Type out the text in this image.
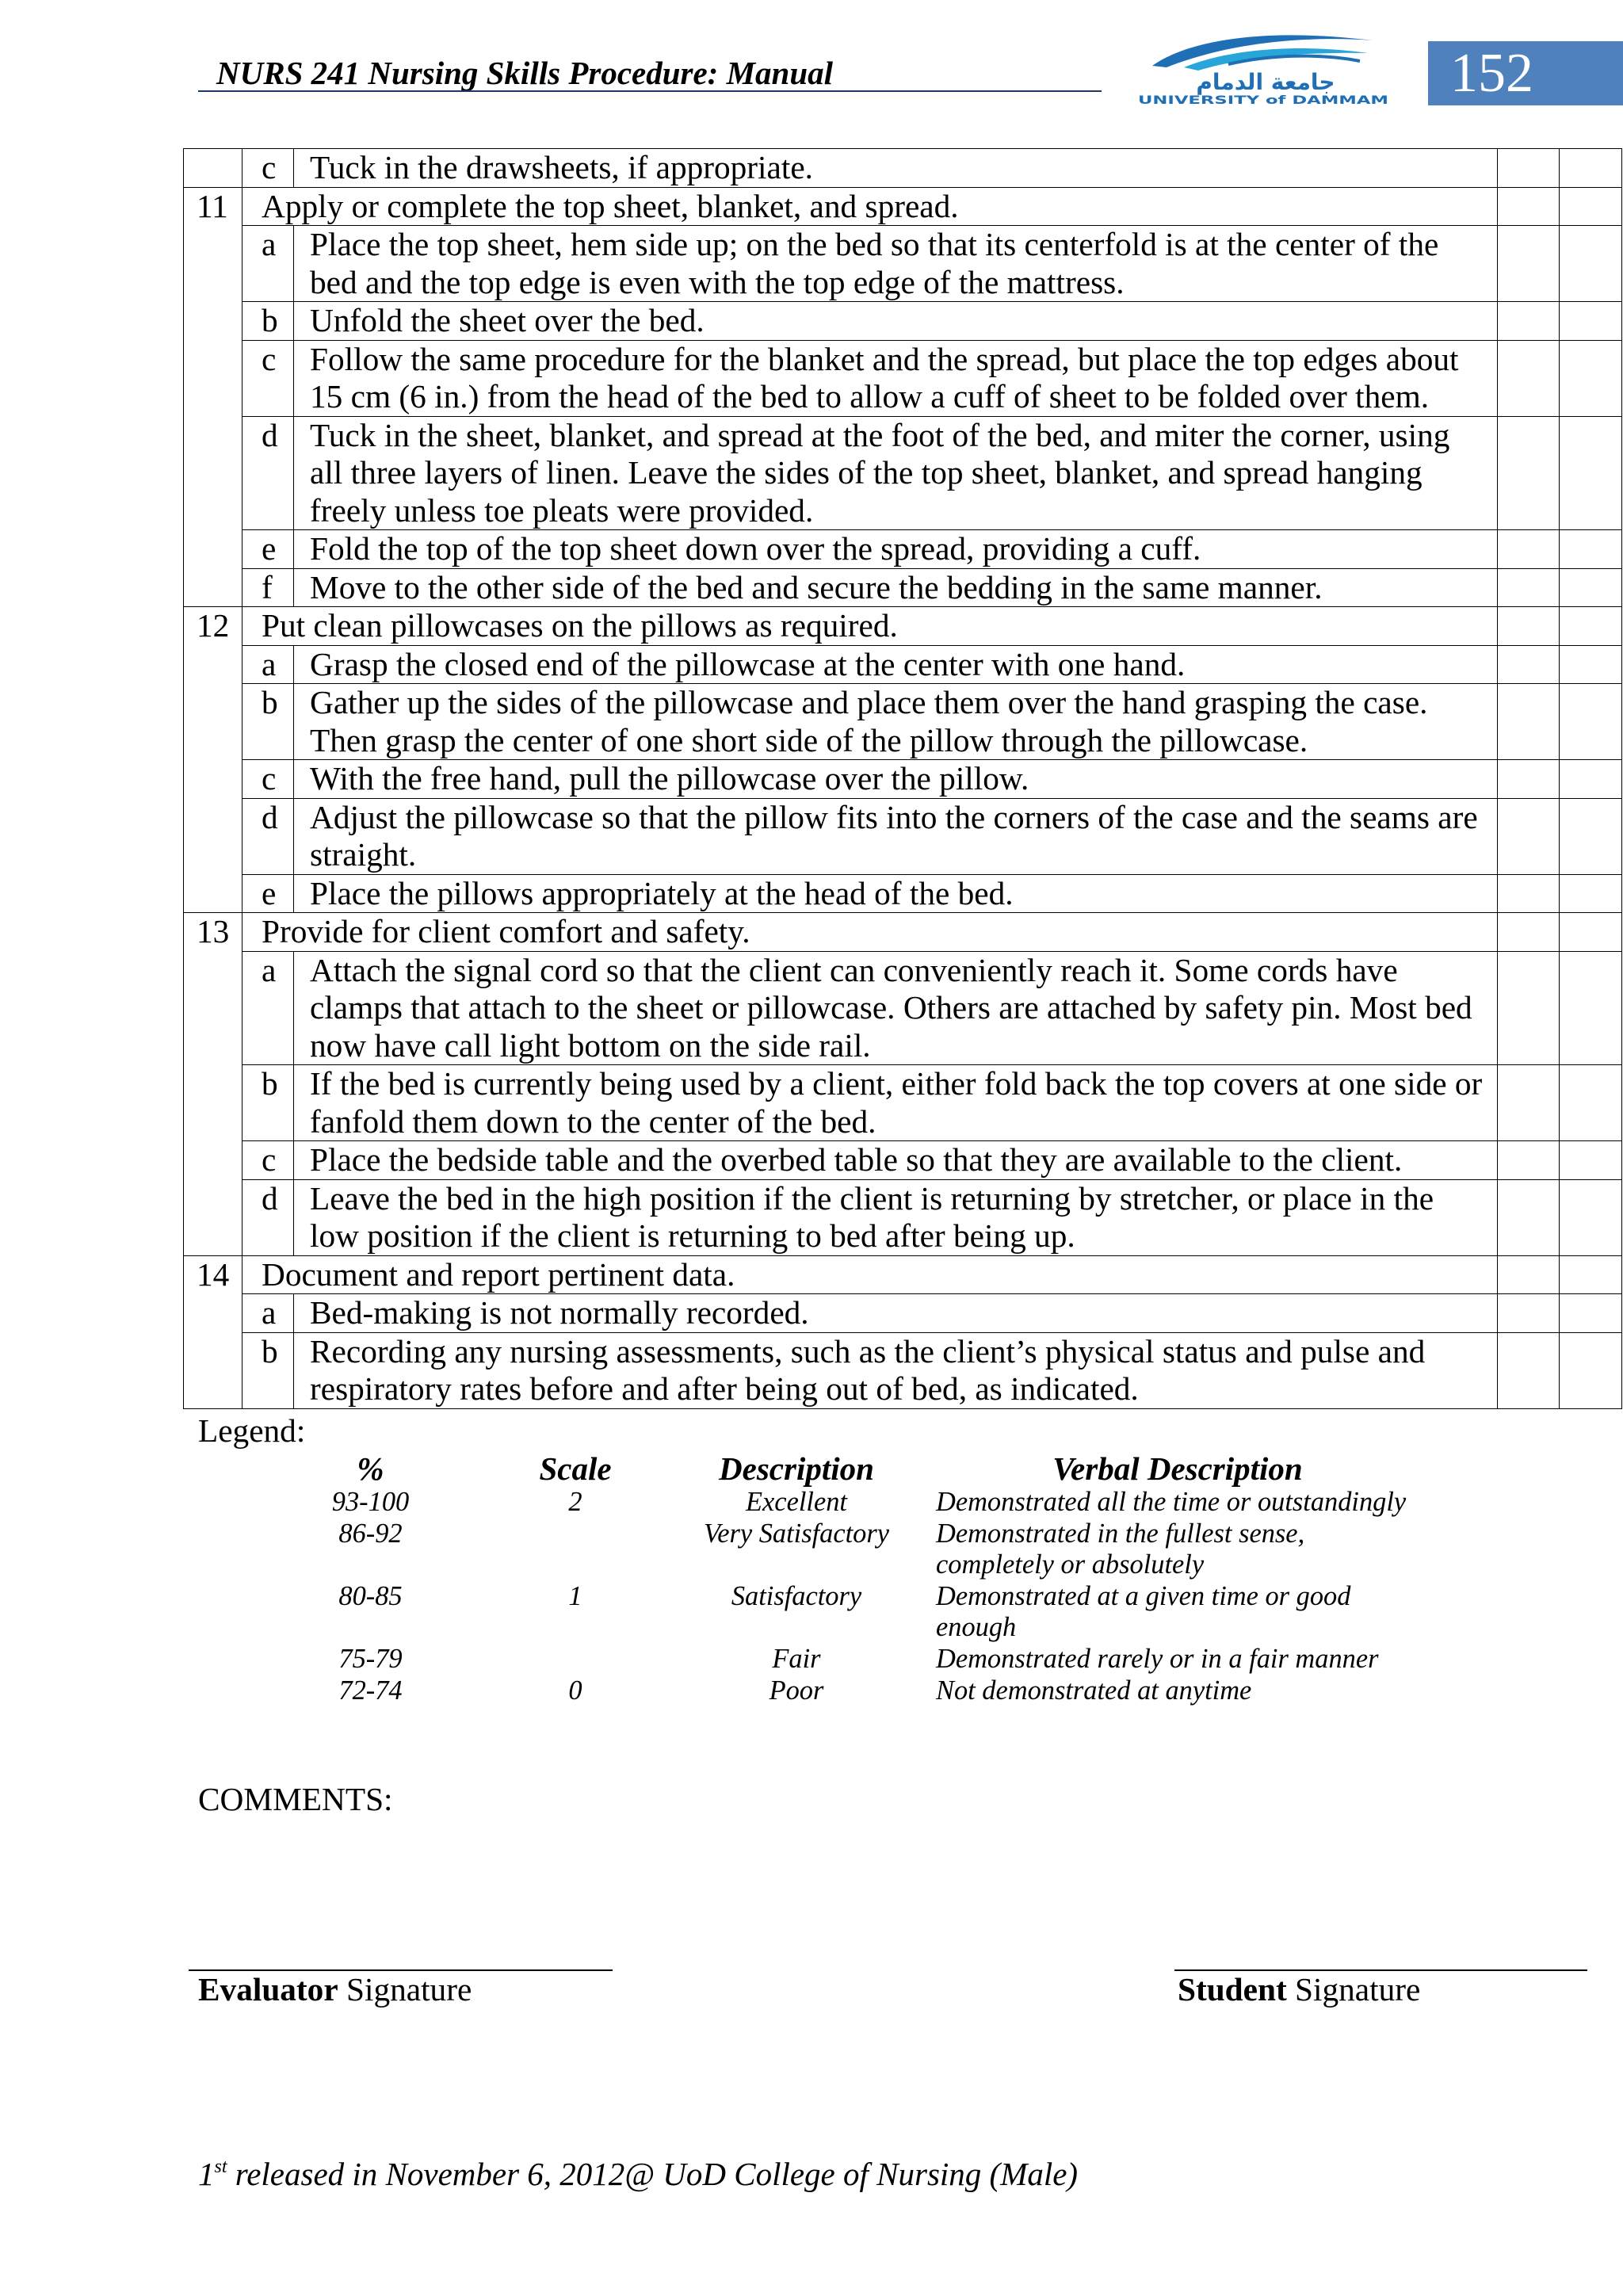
NURS 241 Nursing Skills Procedure: Manual	جامعة الدمام
UNIVERSITY of DAMMAM 152
	c	Tuck in the drawsheets, if appropriate.		
11	Apply or complete the top sheet, blanket, and spread.			
	a	Place the top sheet, hem side up; on the bed so that its centerfold is at the center of the bed and the top edge is even with the top edge of the mattress.		
	b	Unfold the sheet over the bed.		
	c	Follow the same procedure for the blanket and the spread, but place the top edges about 15 cm (6 in.) from the head of the bed to allow a cuff of sheet to be folded over them.		
	d	Tuck in the sheet, blanket, and spread at the foot of the bed, and miter the corner, using all three layers of linen. Leave the sides of the top sheet, blanket, and spread hanging freely unless toe pleats were provided.		
	e	Fold the top of the top sheet down over the spread, providing a cuff.		
	f	Move to the other side of the bed and secure the bedding in the same manner.		
12	Put clean pillowcases on the pillows as required.			
	a	Grasp the closed end of the pillowcase at the center with one hand.		
	b	Gather up the sides of the pillowcase and place them over the hand grasping the case. Then grasp the center of one short side of the pillow through the pillowcase.		
	c	With the free hand, pull the pillowcase over the pillow.		
	d	Adjust the pillowcase so that the pillow fits into the corners of the case and the seams are straight.		
	e	Place the pillows appropriately at the head of the bed.		
13	Provide for client comfort and safety.			
	a	Attach the signal cord so that the client can conveniently reach it. Some cords have clamps that attach to the sheet or pillowcase. Others are attached by safety pin. Most bed now have call light bottom on the side rail.		
	b	If the bed is currently being used by a client, either fold back the top covers at one side or fanfold them down to the center of the bed.		
	c	Place the bedside table and the overbed table so that they are available to the client.		
	d	Leave the bed in the high position if the client is returning by stretcher, or place in the low position if the client is returning to bed after being up.		
14	Document and report pertinent data.			
	a	Bed-making is not normally recorded.		
	b	Recording any nursing assessments, such as the client’s physical status and pulse and respiratory rates before and after being out of bed, as indicated.		
Legend:
%		Scale	Description		Verbal Description
93-100		2	Excellent		Demonstrated all the time or outstandingly
86-92			Very Satisfactory		Demonstrated in the fullest sense, completely or absolutely
80-85		1	Satisfactory		Demonstrated at a given time or good enough
75-79			Fair		Demonstrated rarely or in a fair manner
72-74		0	Poor		Not demonstrated at anytime
COMMENTS:
Evaluator Signature	Student Signature
1st released in November 6, 2012@ UoD College of Nursing (Male)
